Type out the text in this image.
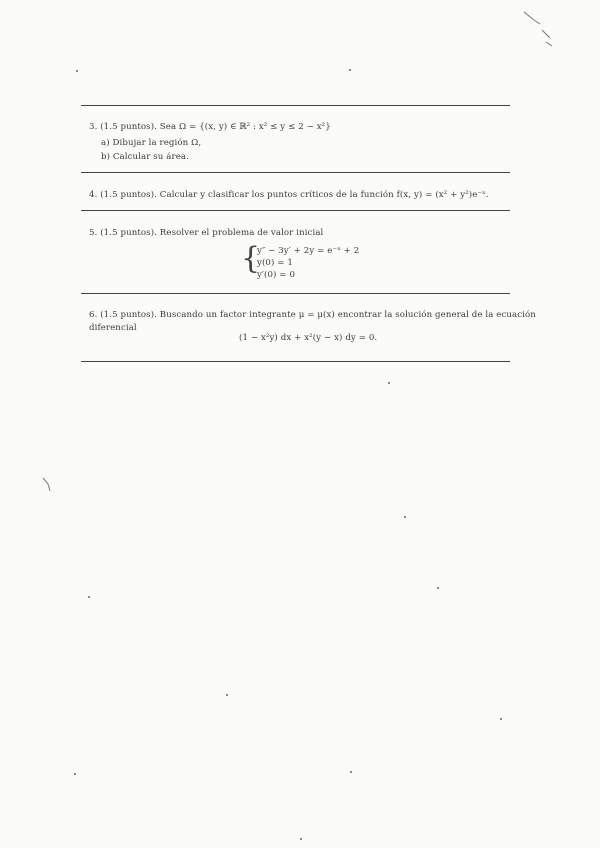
3. (1.5 puntos). Sea Ω = {(x, y) ∈ ℝ² : x² ≤ y ≤ 2 − x²}
a) Dibujar la región Ω,
b) Calcular su área.
4. (1.5 puntos). Calcular y clasificar los puntos críticos de la función f(x, y) = (x² + y²)e⁻ˣ.
5. (1.5 puntos). Resolver el problema de valor inicial
{
y″ − 3y′ + 2y = e⁻ˣ + 2
y(0) = 1
y′(0) = 0
6. (1.5 puntos). Buscando un factor integrante μ = μ(x) encontrar la solución general de la ecuación
diferencial
(1 − x²y) dx + x²(y − x) dy = 0.
